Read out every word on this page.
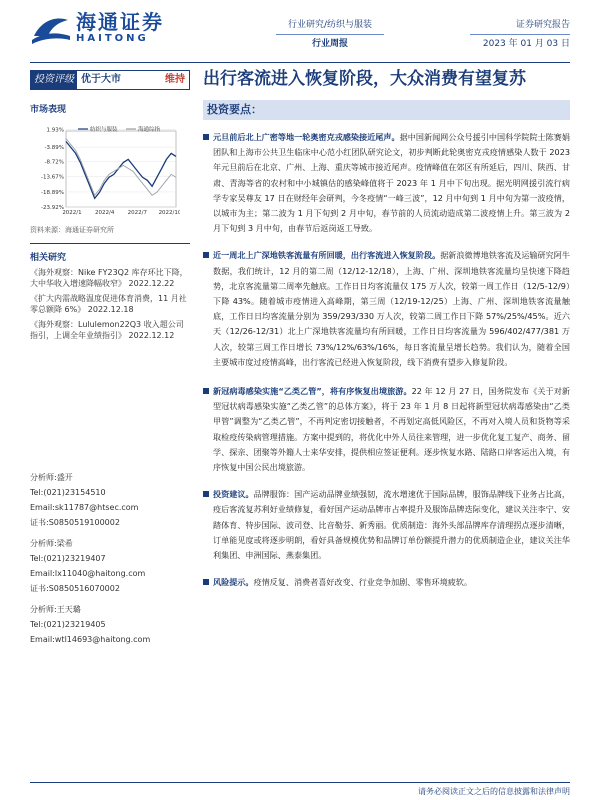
海通证券
HAITONG
行业研究/纺织与服装
行业周报
证券研究报告
2023 年 01 月 03 日
投资评级 优于大市	维持
市场表现
1.93%
-3.89%
-8.72%
-13.67%
-18.89%
-23.92%
2022/1 2022/4 2022/7 2022/10
纺织与服装	海通综指
资料来源：海通证券研究所
相关研究
《海外观察：Nike FY23Q2 库存环比下降，大中华收入增速降幅收窄》 2022.12.22
《扩大内需战略温度促进体育消费，11 月社零总额降 6%》 2022.12.18
《海外观察：Lululemon22Q3 收入超公司指引，上调全年业绩指引》 2022.12.12
分析师:盛开
Tel:(021)23154510
Email:sk11787@htsec.com
证书:S0850519100002
分析师:梁希
Tel:(021)23219407
Email:lx11040@haitong.com
证书:S0850516070002
分析师:王天璐
Tel:(021)23219405
Email:wtl14693@haitong.com
出行客流进入恢复阶段，大众消费有望复苏
投资要点：
元旦前后北上广密等地一轮奥密克戎感染接近尾声。据中国新闻网公众号援引中国科学院院士陈赛娟团队和上海市公共卫生临床中心范小红团队研究论文，初步判断此轮奥密克戎疫情感染人数于 2023 年元旦前后在北京、广州、上海、重庆等城市接近尾声。疫情峰值在郊区有所延后，四川、陕西、甘肃、青海等省的农村和中小城镇估的感染峰值将于 2023 年 1 月中下旬出现。据光明网援引流行病学专家吴尊友 17 日在财经年会研判，今冬疫情“一峰三波”，12 月中旬到 1 月中旬为第一波疫情，以城市为主；第二波为 1 月下旬到 2 月中旬，春节前的人员流动造成第二波疫情上升。第三波为 2 月下旬到 3 月中旬，由春节后返岗返工导致。
近一周北上广深地铁客流量有所回暖，出行客流进入恢复阶段。据新浪微博地铁客流及运输研究阿牛数据，我们统计，12 月的第二周（12/12-12/18），上海、广州、深圳地铁客流量均呈快速下降趋势，北京客流量第二周率先触底。工作日日均客流量仅 175 万人次，较第一周工作日（12/5-12/9）下降 43%。随着城市疫情进入高峰期，第三周（12/19-12/25）上海、广州、深圳地铁客流量触底，工作日日均客流量分别为 359/293/330 万人次，较第二周工作日下降 57%/25%/45%。近六天（12/26-12/31）北上广深地铁客流量均有所回暖，工作日日均客流量为 596/402/477/381 万人次，较第三周工作日增长 73%/12%/63%/16%，每日客流量呈增长趋势。我们认为，随着全国主要城市度过疫情高峰，出行客流已经进入恢复阶段，线下消费有望步入修复阶段。
新冠病毒感染实施“乙类乙管”，将有序恢复出境旅游。22 年 12 月 27 日，国务院发布《关于对新型冠状病毒感染实施“乙类乙管”的总体方案》，将于 23 年 1 月 8 日起将新型冠状病毒感染由“乙类甲管”调整为“乙类乙管”，不再判定密切接触者，不再划定高低风险区，不再对入境人员和货物等采取检疫传染病管理措施。方案中提到的，将优化中外人员往来管理，进一步优化复工复产、商务、留学、探亲、团聚等外籍人士来华安排，提供相应签证便利。逐步恢复水路、陆路口岸客运出入境，有序恢复中国公民出境旅游。
投资建议。品牌服饰：国产运动品牌业绩强韧，流水增速优于国际品牌，服饰品牌线下业务占比高，疫后客流复苏利好业绩修复，看好国产运动品牌市占率提升及服饰品牌迭际变化，建议关注李宁、安踏体育、特步国际、波司登、比音勒芬、新秀丽。优质制造：海外头部品牌库存清理拐点逐步清晰，订单能见度或将逐步明朗，看好具备规模优势和品牌订单份额提升潜力的优质制造企业，建议关注华利集团、申洲国际、燕泰集团。
风险提示。疫情反复、消费者喜好改变、行业竞争加剧、零售环境疲软。
请务必阅读正文之后的信息披露和法律声明
